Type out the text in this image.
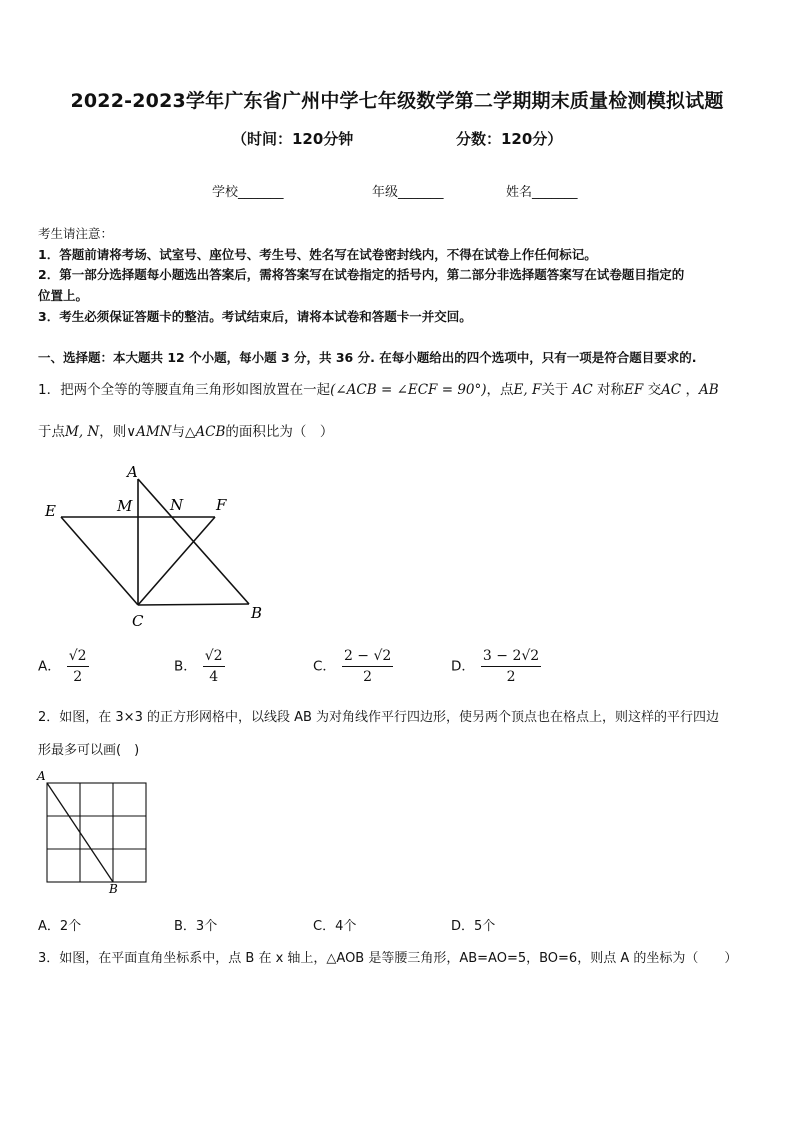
2022-2023学年广东省广州中学七年级数学第二学期期末质量检测模拟试题
（时间：120分钟	分数：120分）
学校_______	年级_______	姓名_______
考生请注意：
1．答题前请将考场、试室号、座位号、考生号、姓名写在试卷密封线内，不得在试卷上作任何标记。
2．第一部分选择题每小题选出答案后，需将答案写在试卷指定的括号内，第二部分非选择题答案写在试卷题目指定的
位置上。
3．考生必须保证答题卡的整洁。考试结束后，请将本试卷和答题卡一并交回。
一、选择题：本大题共 12 个小题，每小题 3 分，共 36 分. 在每小题给出的四个选项中，只有一项是符合题目要求的.
1．把两个全等的等腰直角三角形如图放置在一起(∠ACB = ∠ECF = 90°)，点E, F关于 AC 对称EF 交AC ，AB
于点M, N，则∨AMN与△ACB的面积比为（　）
A
E	M	N F
C	B
A． $\frac{√2}{2}$	B． $\frac{√2}{4}$	C． $\frac{2 - √2}{2}$	D． $\frac{3 - 2√2}{2}$
2．如图，在 3×3 的正方形网格中，以线段 AB 为对角线作平行四边形，使另两个顶点也在格点上，则这样的平行四边
形最多可以画(　)
A
B
A．2个	B．3个	C．4个	D．5个
3．如图，在平面直角坐标系中，点 B 在 x 轴上，△AOB 是等腰三角形，AB=AO=5，BO=6，则点 A 的坐标为（　　）
